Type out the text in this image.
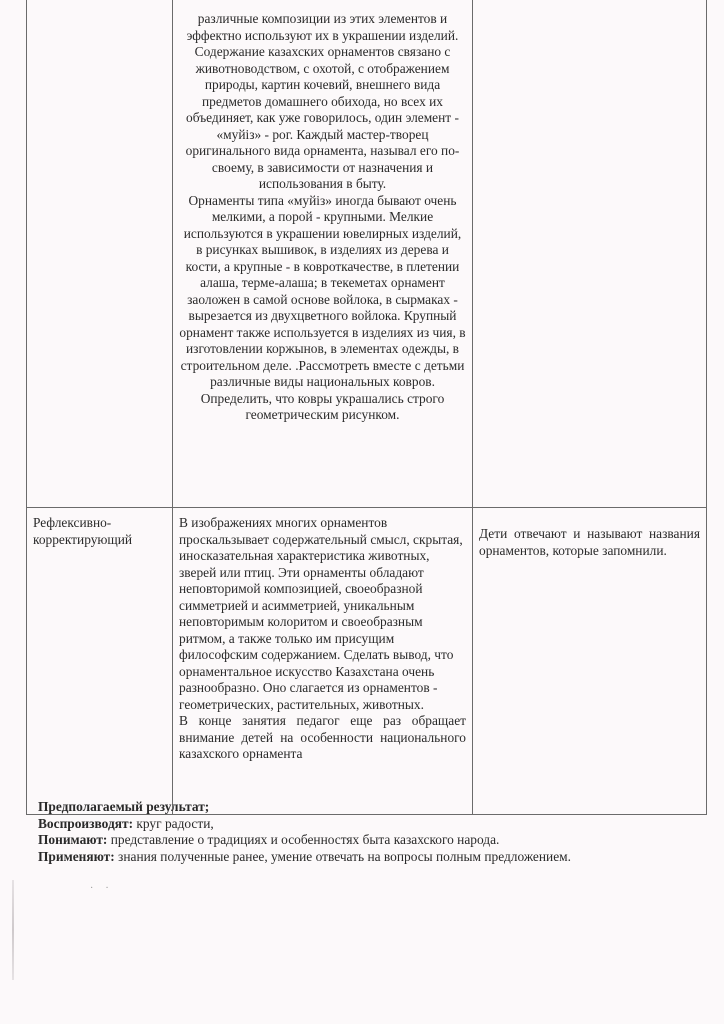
··

	различные композиции из этих элементов и эффектно используют их в украшении изделий. Содержание казахских орнаментов связано с животноводством, с охотой, с отображением природы, картин кочевий, внешнего вида предметов домашнего обихода, но всех их объединяет, как уже говорилось, один элемент - «муйіз» - рог. Каждый мастер-творец оригинального вида орнамента, называл его по-своему, в зависимости от назначения и использования в быту.
Орнаменты типа «муйіз» иногда бывают очень мелкими, а порой - крупными. Мелкие используются в украшении ювелирных изделий, в рисунках вышивок, в изделиях из дерева и кости, а крупные - в ковроткачестве, в плетении алаша, терме-алаша; в текеметах орнамент заоложен в самой основе войлока, в сырмаках - вырезается из двухцветного войлока. Крупный орнамент также используется в изделиях из чия, в изготовлении коржынов, в элементах одежды, в строительном деле. .Рассмотреть вместе с детьми различные виды национальных ковров. Определить, что ковры украшались строго геометрическим рисунком.	

Рефлексивно-корректирующий	В изображениях многих орнаментов проскальзывает содержательный смысл, скрытая, иносказательная характеристика животных, зверей или птиц. Эти орнаменты обладают неповторимой композицией, своеобразной симметрией и асимметрией, уникальным неповторимым колоритом и своеобразным ритмом, а также только им присущим философским содержанием. Сделать вывод, что орнаментальное искусство Казахстана очень разнообразно. Оно слагается из орнаментов - геометрических, растительных, животных.
В конце занятия педагог еще раз обращает внимание детей на особенности национального казахского орнамента	Дети отвечают и называют названия орнаментов, которые запомнили.
Предполагаемый результат;
Воспроизводят: круг радости,
Понимают: представление о традициях и особенностях быта казахского народа.
Применяют: знания полученные ранее, умение отвечать на вопросы полным предложением.
